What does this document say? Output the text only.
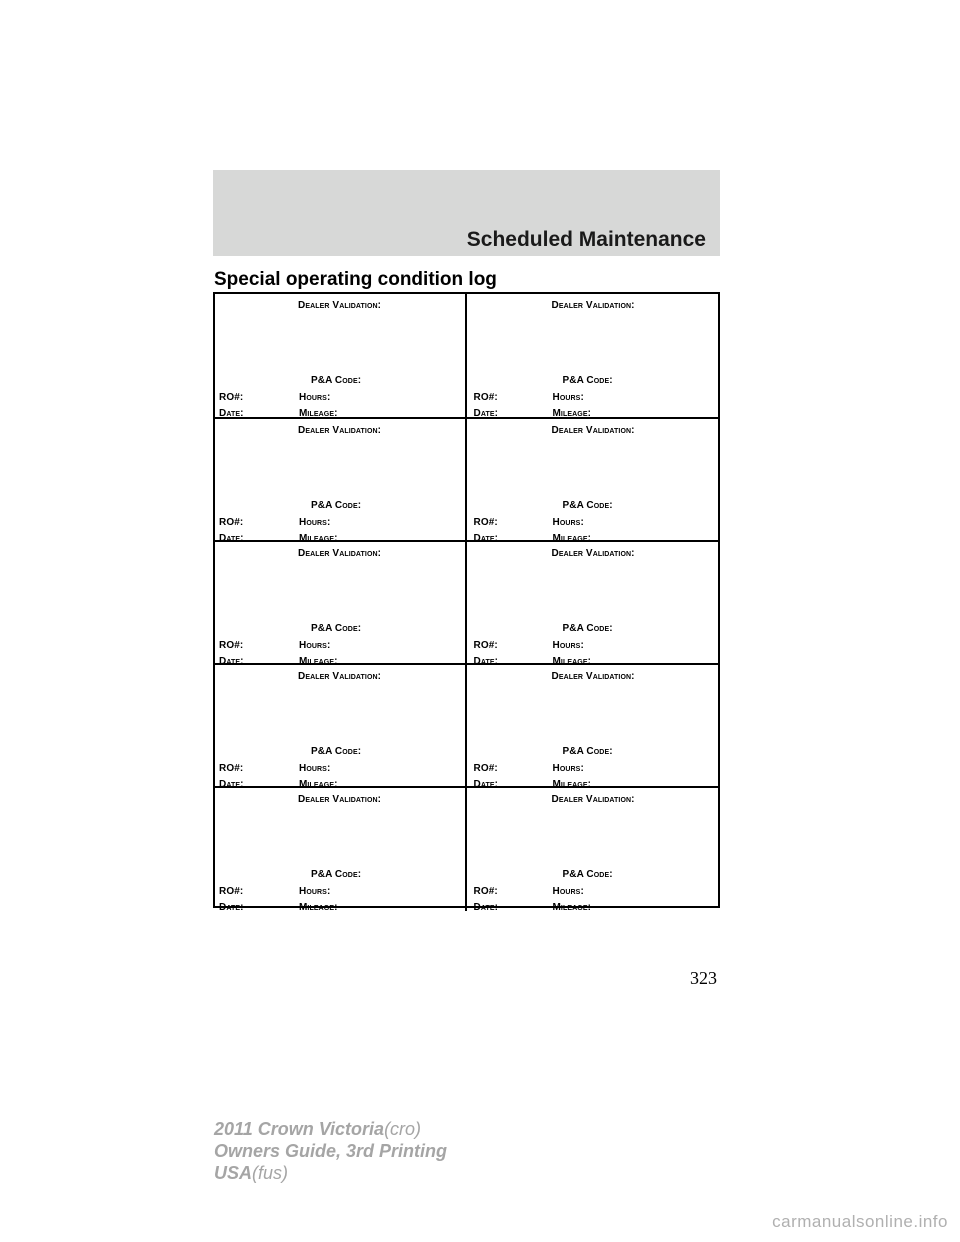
Scheduled Maintenance
Special operating condition log
Dealer Validation:
P&A Code:
RO#:	Hours:
Date:	Mileage:
Dealer Validation:
P&A Code:
RO#:	Hours:
Date:	Mileage:
Dealer Validation:
P&A Code:
RO#:	Hours:
Date:	Mileage:
Dealer Validation:
P&A Code:
RO#:	Hours:
Date:	Mileage:
Dealer Validation:
P&A Code:
RO#:	Hours:
Date:	Mileage:
Dealer Validation:
P&A Code:
RO#:	Hours:
Date:	Mileage:
Dealer Validation:
P&A Code:
RO#:	Hours:
Date:	Mileage:
Dealer Validation:
P&A Code:
RO#:	Hours:
Date:	Mileage:
Dealer Validation:
P&A Code:
RO#:	Hours:
Date:	Mileage:
Dealer Validation:
P&A Code:
RO#:	Hours:
Date:	Mileage:
323
2011 Crown Victoria(cro)
Owners Guide, 3rd Printing
USA(fus)
carmanualsonline.info
